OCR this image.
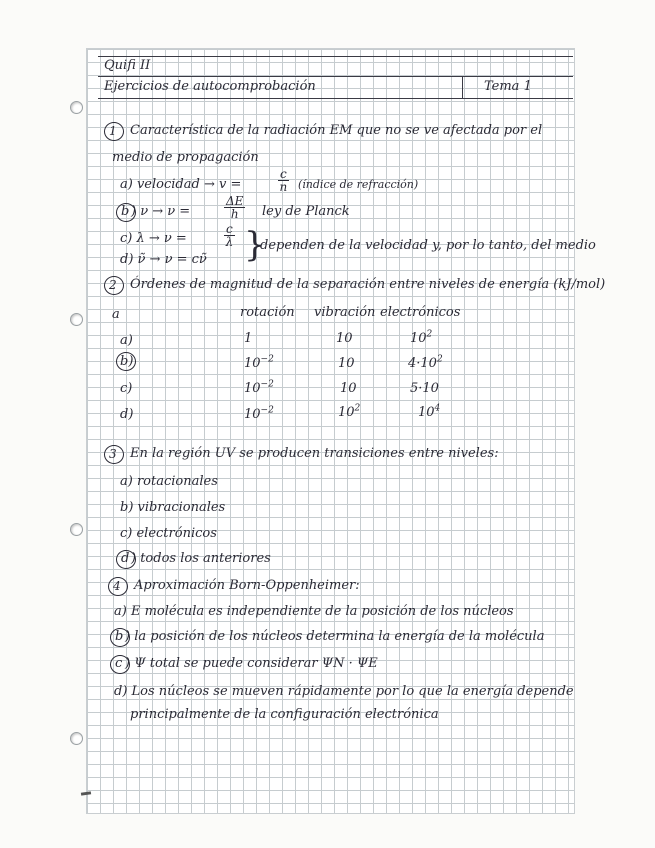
Quifi II
Ejercicios de autocomprobación	Tema 1
1 Característica de la radiación EM que no se ve afectada por el
medio de propagación
a) velocidad → v =	$\frac{c}{n}$ (índice de refracción)
b ) ν → ν =	$\frac{\Delta E}{h}$ ley de Planck
c) λ → ν =	$\frac{c}{\lambda}$
d) ν̃ → ν = cν̃ }
dependen de la velocidad y, por lo tanto, del medio
2 Órdenes de magnitud de la separación entre niveles de energía (kJ/mol)
a	rotación vibración electrónicos
a)	1	10	$10^2$
b)	$10^{-2}$	10	$4\cdot 10^2$
c)	$10^{-2}$	10	5·10
d)	$10^{-2}$	$10^2$	$10^4$
3 En la región UV se producen transiciones entre niveles:
a) rotacionales
b) vibracionales
c) electrónicos
d ) todos los anteriores
4 Aproximación Born-Oppenheimer:
a) E molécula es independiente de la posición de los núcleos
b ) la posición de los núcleos determina la energía de la molécula
c ) Ψ total se puede considerar ΨN · ΨE
d) Los núcleos se mueven rápidamente por lo que la energía depende
principalmente de la configuración electrónica
